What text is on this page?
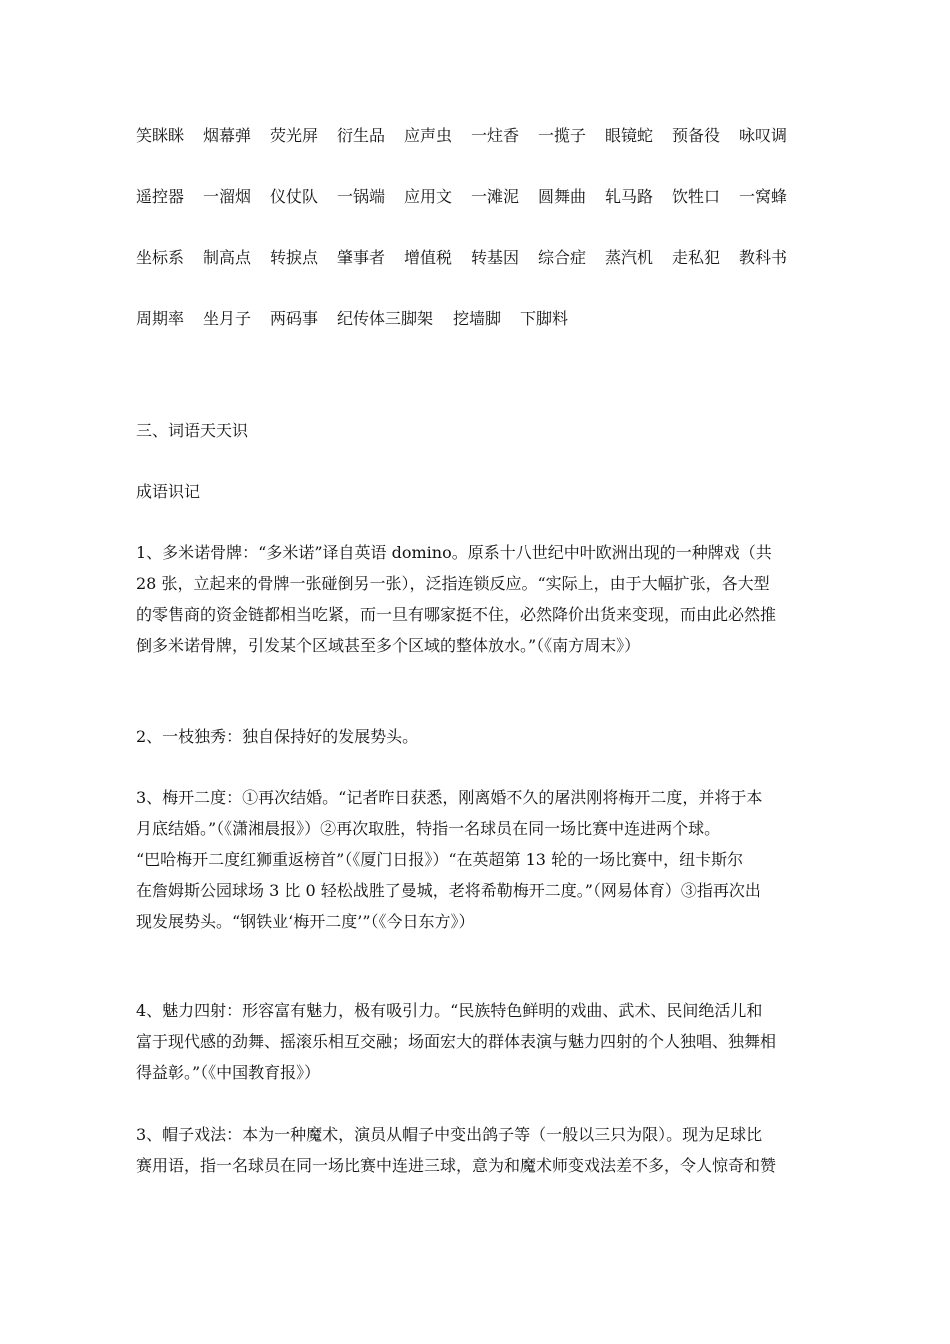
笑眯眯 烟幕弹 荧光屏 衍生品 应声虫 一炷香 一揽子 眼镜蛇 预备役 咏叹调
遥控器 一溜烟 仪仗队 一锅端 应用文 一滩泥 圆舞曲 轧马路 饮牲口 一窝蜂
坐标系 制高点 转捩点 肇事者 增值税 转基因 综合症 蒸汽机 走私犯 教科书
周期率 坐月子 两码事 纪传体三脚架 挖墙脚 下脚料
三、词语天天识
成语识记
1、多米诺骨牌：“多米诺”译自英语 domino。原系十八世纪中叶欧洲出现的一种牌戏（共
28 张，立起来的骨牌一张碰倒另一张），泛指连锁反应。“实际上，由于大幅扩张，各大型
的零售商的资金链都相当吃紧，而一旦有哪家挺不住，必然降价出货来变现，而由此必然推
倒多米诺骨牌，引发某个区域甚至多个区域的整体放水。”（《南方周末》）
2、一枝独秀：独自保持好的发展势头。
3、梅开二度：①再次结婚。“记者昨日获悉，刚离婚不久的屠洪刚将梅开二度，并将于本
月底结婚。”（《潇湘晨报》）②再次取胜，特指一名球员在同一场比赛中连进两个球。
“巴哈梅开二度红狮重返榜首”（《厦门日报》）“在英超第 13 轮的一场比赛中，纽卡斯尔
在詹姆斯公园球场 3 比 0 轻松战胜了曼城，老将希勒梅开二度。”（网易体育）③指再次出
现发展势头。“钢铁业‘梅开二度’”（《今日东方》）
4、魅力四射：形容富有魅力，极有吸引力。“民族特色鲜明的戏曲、武术、民间绝活儿和
富于现代感的劲舞、摇滚乐相互交融；场面宏大的群体表演与魅力四射的个人独唱、独舞相
得益彰。”（《中国教育报》）
3、帽子戏法：本为一种魔术，演员从帽子中变出鸽子等（一般以三只为限）。现为足球比
赛用语，指一名球员在同一场比赛中连进三球，意为和魔术师变戏法差不多，令人惊奇和赞
